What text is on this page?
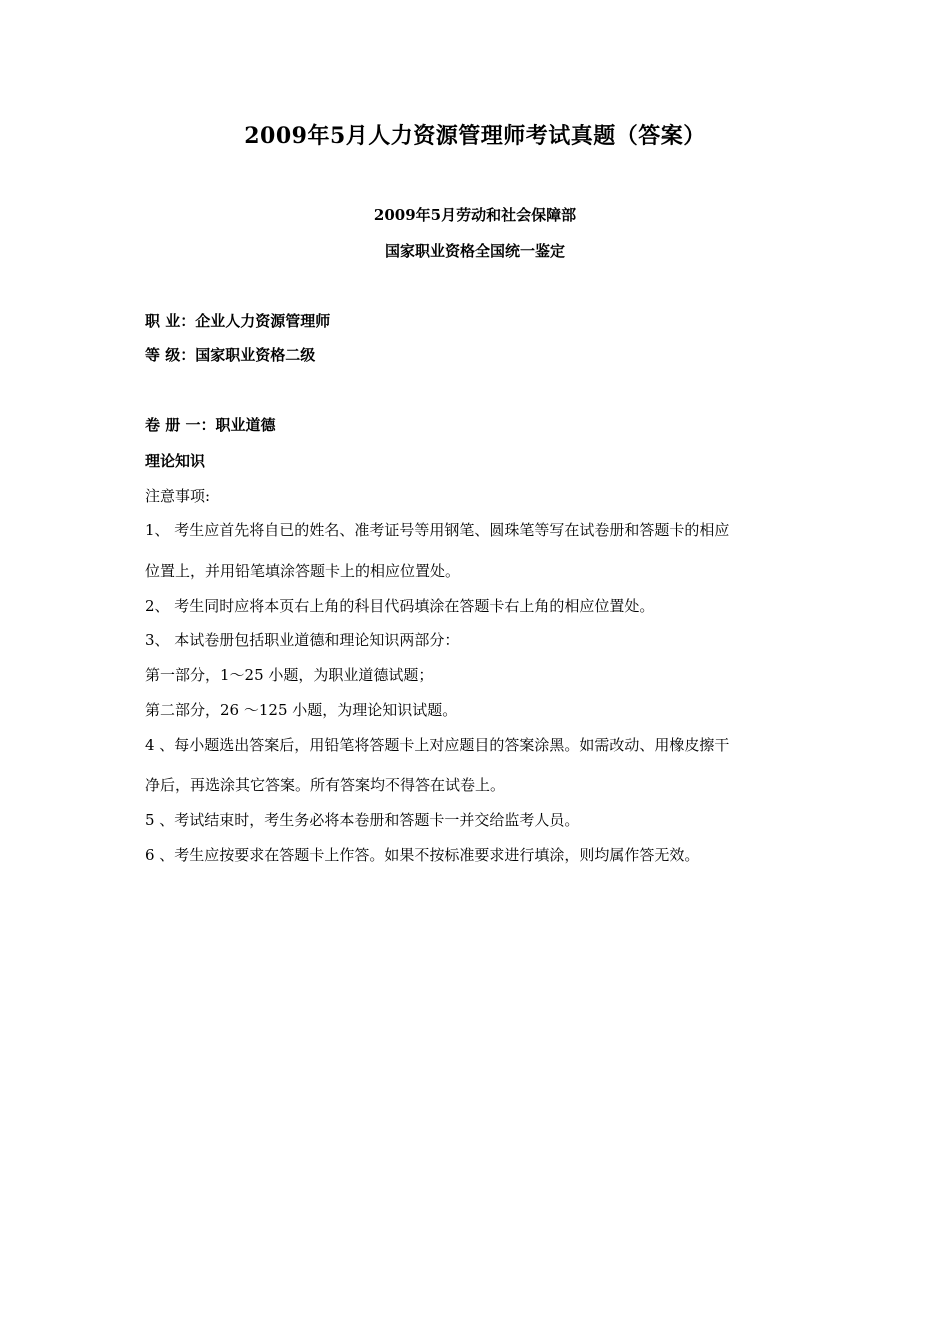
2009年5月人力资源管理师考试真题（答案）
2009年5月劳动和社会保障部
国家职业资格全国统一鉴定
职 业：企业人力资源管理师
等 级：国家职业资格二级
卷 册 一：职业道德
理论知识
注意事项:
1、 考生应首先将自已的姓名、准考证号等用钢笔、圆珠笔等写在试卷册和答题卡的相应
位置上，并用铅笔填涂答题卡上的相应位置处。
2、 考生同时应将本页右上角的科目代码填涂在答题卡右上角的相应位置处。
3、 本试卷册包括职业道德和理论知识两部分：
第一部分，1～25 小题，为职业道德试题；
第二部分，26 ～125 小题，为理论知识试题。
4 、每小题选出答案后，用铅笔将答题卡上对应题目的答案涂黑。如需改动、用橡皮擦干
净后，再选涂其它答案。所有答案均不得答在试卷上。
5 、考试结束时，考生务必将本卷册和答题卡一并交给监考人员。
6 、考生应按要求在答题卡上作答。如果不按标准要求进行填涂，则均属作答无效。
